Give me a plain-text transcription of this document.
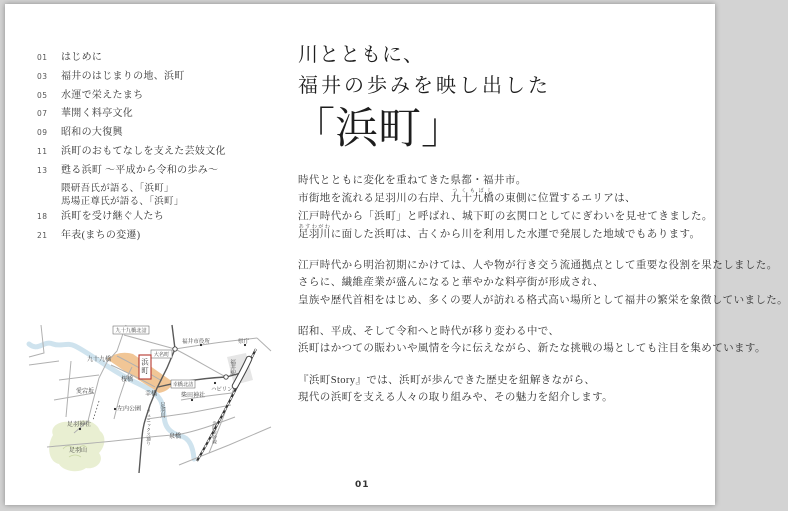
01 はじめに
03 福井のはじまりの地、浜町
05 水運で栄えたまち
07 華開く料亭文化
09 昭和の大復興
11 浜町のおもてなしを支えた芸妓文化
13 甦る浜町 〜平成から令和の歩み〜
隈研吾氏が語る、「浜町」
馬場正尊氏が語る、「浜町」
18 浜町を受け継ぐ人たち
21 年表(まちの変遷)
九十九橋北詰
大名町
幸橋北詰
浜町
九十九橋
福井市役所	県庁
福井駅
ハピリン
桜橋
幸橋
愛宕坂
左内公園
柴田神社
足羽神社
足羽山
泉橋
足羽川
フェニックス通り	北陸新幹線
川とともに、
福井の歩みを映し出した
「浜町」

時代とともに変化を重ねてきた県都・福井市。
市街地を流れる足羽川の右岸、九十九橋つくもばしの東側に位置するエリアは、
江戸時代から「浜町」と呼ばれ、城下町の玄関口としてにぎわいを見せてきました。
足羽川あすわがわに面した浜町は、古くから川を利用した水運で発展した地域でもあります。

江戸時代から明治初期にかけては、人や物が行き交う流通拠点として重要な役割を果たしました。
さらに、繊維産業が盛んになると華やかな料亭街が形成され、
皇族や歴代首相をはじめ、多くの要人が訪れる格式高い場所として福井の繁栄を象徴していました。

昭和、平成、そして令和へと時代が移り変わる中で、
浜町はかつての賑わいや風情を今に伝えながら、新たな挑戦の場としても注目を集めています。

『浜町Story』では、浜町が歩んできた歴史を紐解きながら、
現代の浜町を支える人々の取り組みや、その魅力を紹介します。

01
